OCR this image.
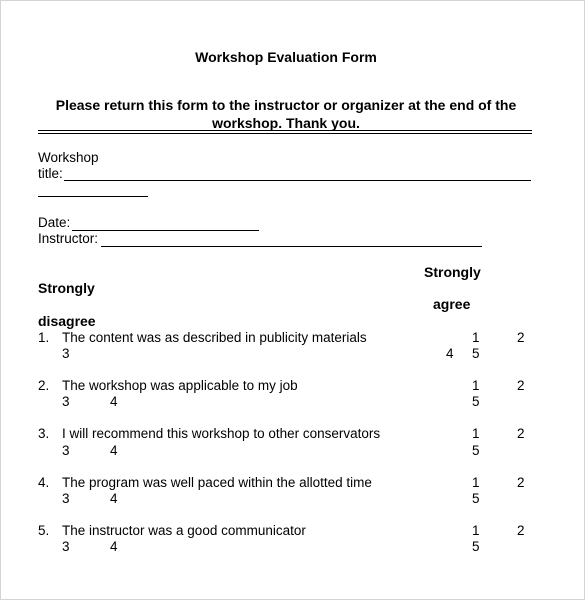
Workshop Evaluation Form
Please return this form to the instructor or organizer at the end of the
workshop. Thank you.
Workshop
title:
Date:
Instructor:
Strongly
Strongly
agree
disagree
1. The content was as described in publicity materials	1	2
3	4 5
2. The workshop was applicable to my job	1	2
3	4	5
3. I will recommend this workshop to other conservators	1	2
3	4	5
4. The program was well paced within the allotted time	1	2
3	4	5
5. The instructor was a good communicator	1	2
3	4	5
